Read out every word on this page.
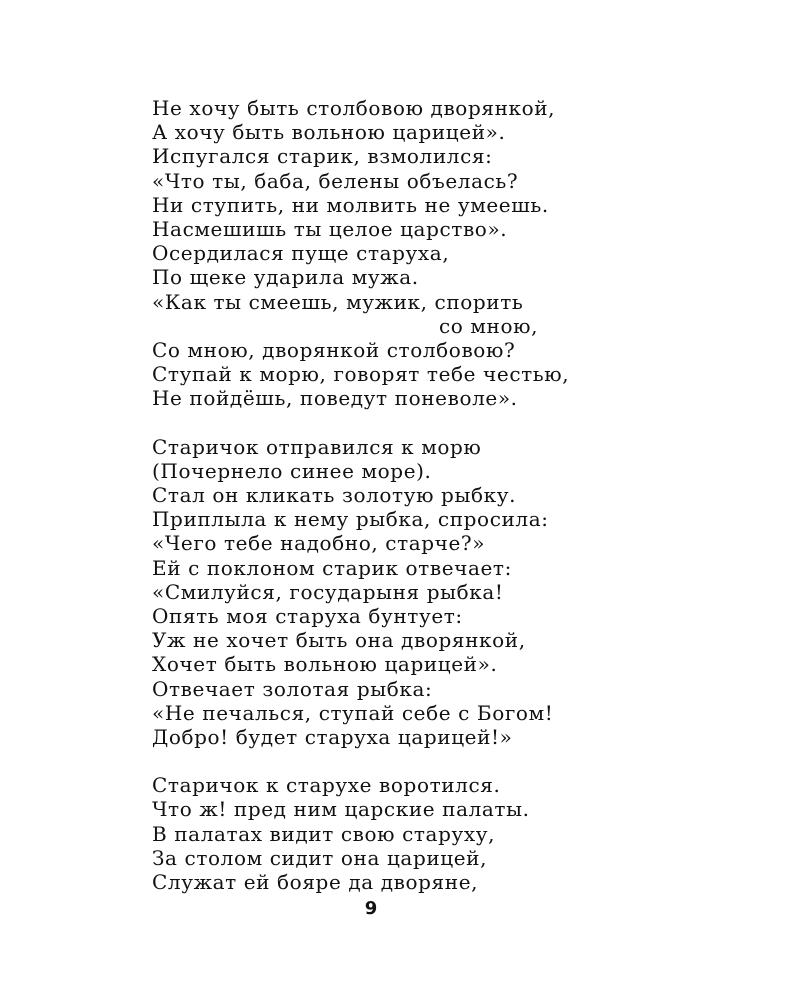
Не хочу быть столбовою дворянкой,
А хочу быть вольною царицей».
Испугался старик, взмолился:
«Что ты, баба, белены объелась?
Ни ступить, ни молвить не умеешь.
Насмешишь ты целое царство».
Осердилася пуще старуха,
По щеке ударила мужа.
«Как ты смеешь, мужик, спорить
со мною,
Со мною, дворянкой столбовою?
Ступай к морю, говорят тебе честью,
Не пойдёшь, поведут поневоле».
Старичок отправился к морю
(Почернело синее море).
Стал он кликать золотую рыбку.
Приплыла к нему рыбка, спросила:
«Чего тебе надобно, старче?»
Ей с поклоном старик отвечает:
«Смилуйся, государыня рыбка!
Опять моя старуха бунтует:
Уж не хочет быть она дворянкой,
Хочет быть вольною царицей».
Отвечает золотая рыбка:
«Не печалься, ступай себе с Богом!
Добро! будет старуха царицей!»
Старичок к старухе воротился.
Что ж! пред ним царские палаты.
В палатах видит свою старуху,
За столом сидит она царицей,
Служат ей бояре да дворяне,
9
